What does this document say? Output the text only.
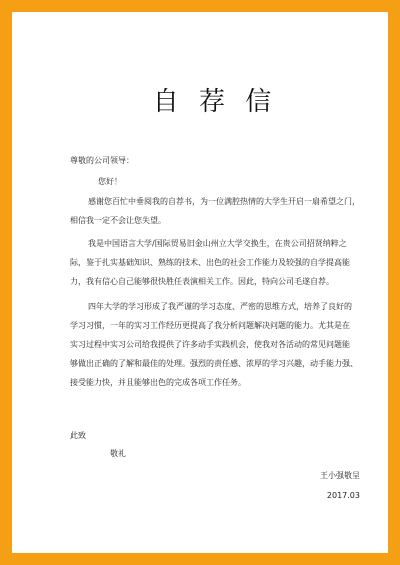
自 荐 信
尊敬的公司领导：
您好！

感谢您百忙中垂阅我的自荐书，为一位满腔热情的大学生开启一扇希望之门，

相信我一定不会让您失望。

我是中国语言大学/国际贸易旧金山州立大学交换生，在贵公司招贤纳粹之

际，鉴于扎实基础知识、熟练的技术、出色的社会工作能力及较强的自学提高能

力，我有信心自己能够很快胜任表演相关工作。因此，特向公司毛遂自荐。

四年大学的学习形成了我严谨的学习态度、严密的思维方式，培养了良好的

学习习惯，一年的实习工作经历更提高了我分析问题解决问题的能力。尤其是在

实习过程中实习公司给我提供了许多动手实践机会，使我对各活动的常见问题能

够做出正确的了解和最佳的处理。强烈的责任感、浓厚的学习兴趣，动手能力强、

接受能力快，并且能够出色的完成各项工作任务。

此致
敬礼
王小强敬呈
2017.03
